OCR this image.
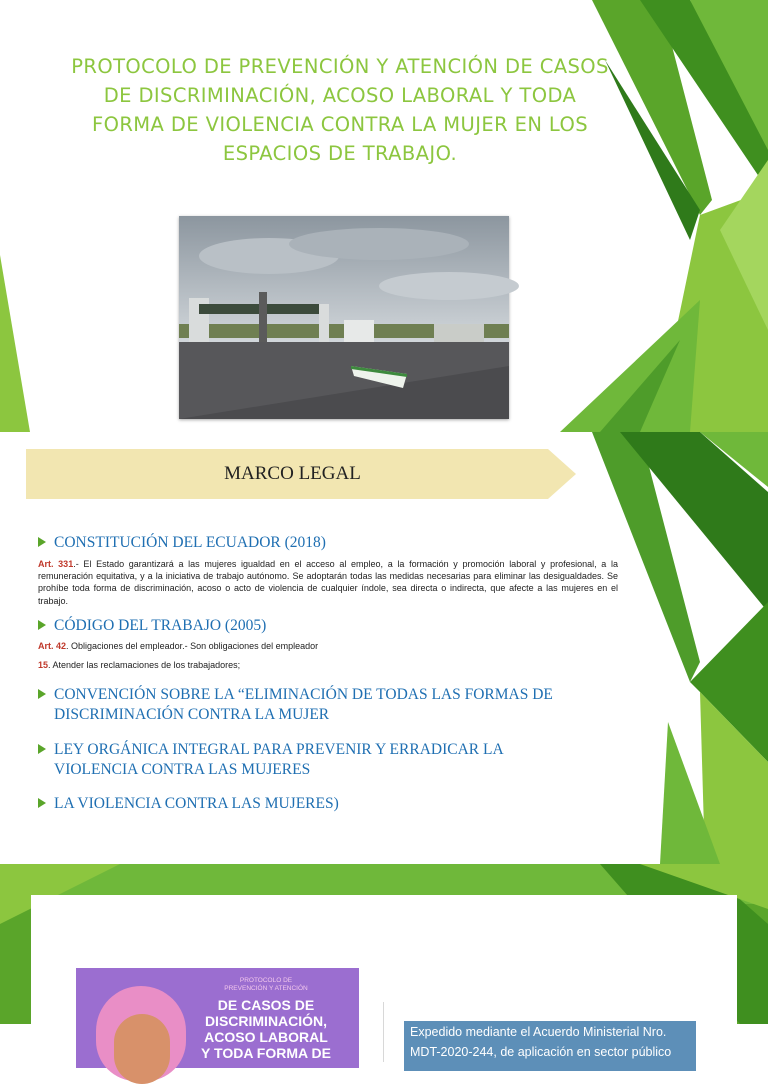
PROTOCOLO DE PREVENCIÓN Y ATENCIÓN DE CASOS
DE DISCRIMINACIÓN, ACOSO LABORAL Y TODA
FORMA DE VIOLENCIA CONTRA LA MUJER EN LOS
ESPACIOS DE TRABAJO.
MARCO LEGAL
CONSTITUCIÓN DEL ECUADOR (2018)
Art. 331.- El Estado garantizará a las mujeres igualdad en el acceso al empleo, a la formación y promoción laboral y profesional, a la remuneración equitativa, y a la iniciativa de trabajo autónomo. Se adoptarán todas las medidas necesarias para eliminar las desigualdades. Se prohíbe toda forma de discriminación, acoso o acto de violencia de cualquier índole, sea directa o indirecta, que afecte a las mujeres en el trabajo.
CÓDIGO DEL TRABAJO (2005)
Art. 42. Obligaciones del empleador.- Son obligaciones del empleador
15. Atender las reclamaciones de los trabajadores;
CONVENCIÓN SOBRE LA “ELIMINACIÓN DE TODAS LAS FORMAS DE
DISCRIMINACIÓN CONTRA LA MUJER
LEY ORGÁNICA INTEGRAL PARA PREVENIR Y ERRADICAR LA
VIOLENCIA CONTRA LAS MUJERES
LA VIOLENCIA CONTRA LAS MUJERES)
PROTOCOLO DE
PREVENCIÓN Y ATENCIÓN
DE CASOS DE
DISCRIMINACIÓN,
ACOSO LABORAL
Y TODA FORMA DE
Expedido mediante el Acuerdo Ministerial Nro.
MDT-2020-244, de aplicación en sector público
